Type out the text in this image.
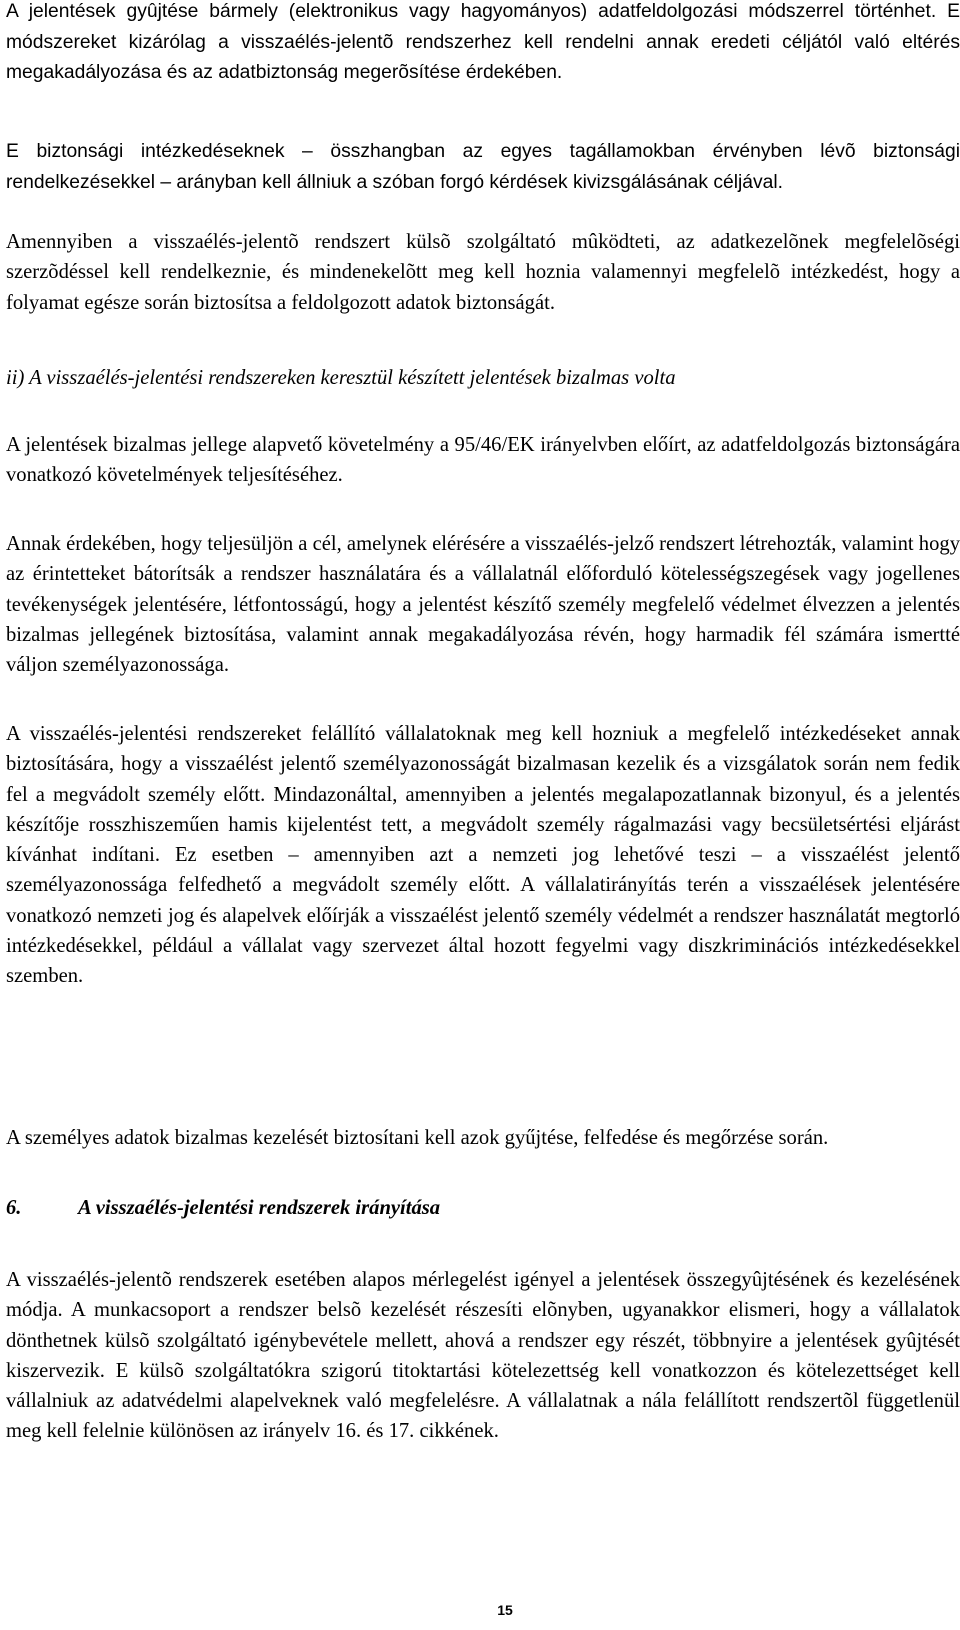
A jelentések gyûjtése bármely (elektronikus vagy hagyományos) adatfeldolgozási módszerrel történhet. E módszereket kizárólag a visszaélés-jelentõ rendszerhez kell rendelni annak eredeti céljától való eltérés megakadályozása és az adatbiztonság megerõsítése érdekében.

E biztonsági intézkedéseknek – összhangban az egyes tagállamokban érvényben lévõ biztonsági rendelkezésekkel – arányban kell állniuk a szóban forgó kérdések kivizsgálásának céljával.

Amennyiben a visszaélés-jelentõ rendszert külsõ szolgáltató mûködteti, az adatkezelõnek megfelelõségi szerzõdéssel kell rendelkeznie, és mindenekelõtt meg kell hoznia valamennyi megfelelõ intézkedést, hogy a folyamat egésze során biztosítsa a feldolgozott adatok biztonságát.

ii) A visszaélés-jelentési rendszereken keresztül készített jelentések bizalmas volta

A jelentések bizalmas jellege alapvető követelmény a 95/46/EK irányelvben előírt, az adatfeldolgozás biztonságára vonatkozó követelmények teljesítéséhez.

Annak érdekében, hogy teljesüljön a cél, amelynek elérésére a visszaélés-jelző rendszert létrehozták, valamint hogy az érintetteket bátorítsák a rendszer használatára és a vállalatnál előforduló kötelességszegések vagy jogellenes tevékenységek jelentésére, létfontosságú, hogy a jelentést készítő személy megfelelő védelmet élvezzen a jelentés bizalmas jellegének biztosítása, valamint annak megakadályozása révén, hogy harmadik fél számára ismertté váljon személyazonossága.

A visszaélés-jelentési rendszereket felállító vállalatoknak meg kell hozniuk a megfelelő intézkedéseket annak biztosítására, hogy a visszaélést jelentő személyazonosságát bizalmasan kezelik és a vizsgálatok során nem fedik fel a megvádolt személy előtt. Mindazonáltal, amennyiben a jelentés megalapozatlannak bizonyul, és a jelentés készítője rosszhiszeműen hamis kijelentést tett, a megvádolt személy rágalmazási vagy becsületsértési eljárást kívánhat indítani. Ez esetben – amennyiben azt a nemzeti jog lehetővé teszi – a visszaélést jelentő személyazonossága felfedhető a megvádolt személy előtt. A vállalatirányítás terén a visszaélések jelentésére vonatkozó nemzeti jog és alapelvek előírják a visszaélést jelentő személy védelmét a rendszer használatát megtorló intézkedésekkel, például a vállalat vagy szervezet által hozott fegyelmi vagy diszkriminációs intézkedésekkel szemben.

A személyes adatok bizalmas kezelését biztosítani kell azok gyűjtése, felfedése és megőrzése során.

6.	A visszaélés-jelentési rendszerek irányítása

A visszaélés-jelentõ rendszerek esetében alapos mérlegelést igényel a jelentések összegyûjtésének és kezelésének módja. A munkacsoport a rendszer belsõ kezelését részesíti elõnyben, ugyanakkor elismeri, hogy a vállalatok dönthetnek külsõ szolgáltató igénybevétele mellett, ahová a rendszer egy részét, többnyire a jelentések gyûjtését kiszervezik. E külsõ szolgáltatókra szigorú titoktartási kötelezettség kell vonatkozzon és kötelezettséget kell vállalniuk az adatvédelmi alapelveknek való megfelelésre. A vállalatnak a nála felállított rendszertõl függetlenül meg kell felelnie különösen az irányelv 16. és 17. cikkének.

15
